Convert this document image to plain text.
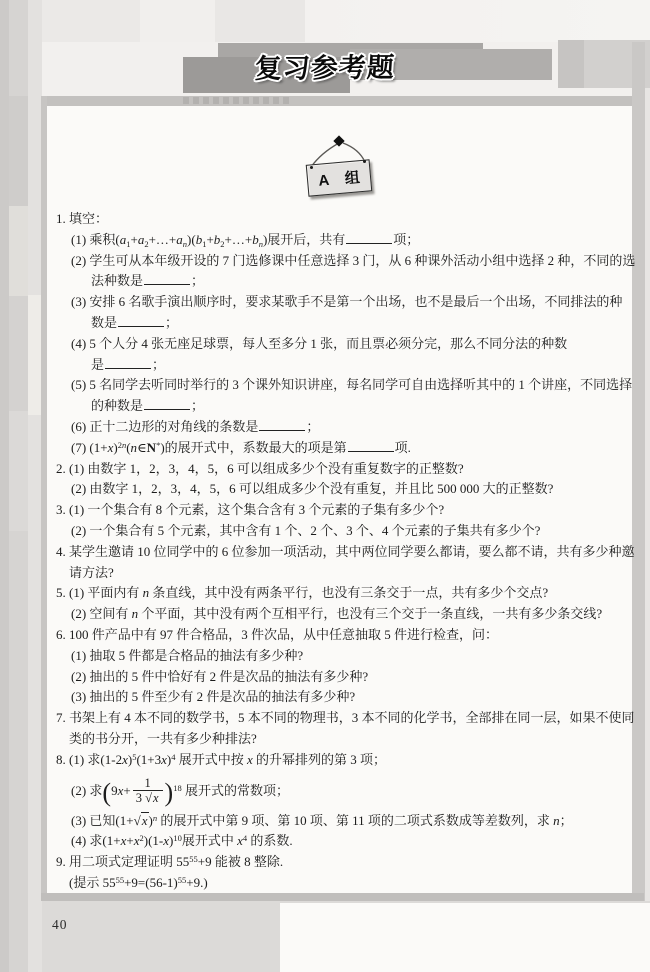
复习参考题
A 组
1. 填空：
(1) 乘积$(a_1+a_2+\dots+a_n)(b_1+b_2+\dots+b_n)$展开后，共有	项；
(2) 学生可从本年级开设的 7 门选修课中任意选择 3 门，从 6 种课外活动小组中选择 2 种，不同的选
法种数是	；
(3) 安排 6 名歌手演出顺序时，要求某歌手不是第一个出场，也不是最后一个出场，不同排法的种
数是	；
(4) 5 个人分 4 张无座足球票，每人至多分 1 张，而且票必须分完，那么不同分法的种数
是	；
(5) 5 名同学去听同时举行的 3 个课外知识讲座，每名同学可自由选择听其中的 1 个讲座，不同选择
的种数是	；
(6) 正十二边形的对角线的条数是	；
(7) $(1+x)^{2n}(n\in N^*)$的展开式中，系数最大的项是第	项.
2. (1) 由数字 1，2，3，4，5，6 可以组成多少个没有重复数字的正整数?
(2) 由数字 1，2，3，4，5，6 可以组成多少个没有重复，并且比 500 000 大的正整数?
3. (1) 一个集合有 8 个元素，这个集合含有 3 个元素的子集有多少个?
(2) 一个集合有 5 个元素，其中含有 1 个、2 个、3 个、4 个元素的子集共有多少个?
4. 某学生邀请 10 位同学中的 6 位参加一项活动，其中两位同学要么都请，要么都不请，共有多少种邀
请方法?
5. (1) 平面内有 n 条直线，其中没有两条平行，也没有三条交于一点，共有多少个交点?
(2) 空间有 n 个平面，其中没有两个互相平行，也没有三个交于一条直线，一共有多少条交线?
6. 100 件产品中有 97 件合格品，3 件次品，从中任意抽取 5 件进行检查，问：
(1) 抽取 5 件都是合格品的抽法有多少种?
(2) 抽出的 5 件中恰好有 2 件是次品的抽法有多少种?
(3) 抽出的 5 件至少有 2 件是次品的抽法有多少种?
7. 书架上有 4 本不同的数学书，5 本不同的物理书，3 本不同的化学书，全部排在同一层，如果不使同
类的书分开，一共有多少种排法?
8. (1) 求$(1-2x)^5(1+3x)^4$ 展开式中按 x 的升幂排列的第 3 项；
(2) 求$(9x+ \frac{1}{3 √x} )^{18}$ 展开式的常数项；
(3) 已知$(1+√x)^n$ 的展开式中第 9 项、第 10 项、第 11 项的二项式系数成等差数列，求 n；
(4) 求$(1+x+x^2)(1-x)^{10}$展开式中 $x^4$ 的系数.
9. 用二项式定理证明 $55^{55}+9$ 能被 8 整除.
(提示 $55^{55}+9=(56-1)^{55}+9$.)
40
